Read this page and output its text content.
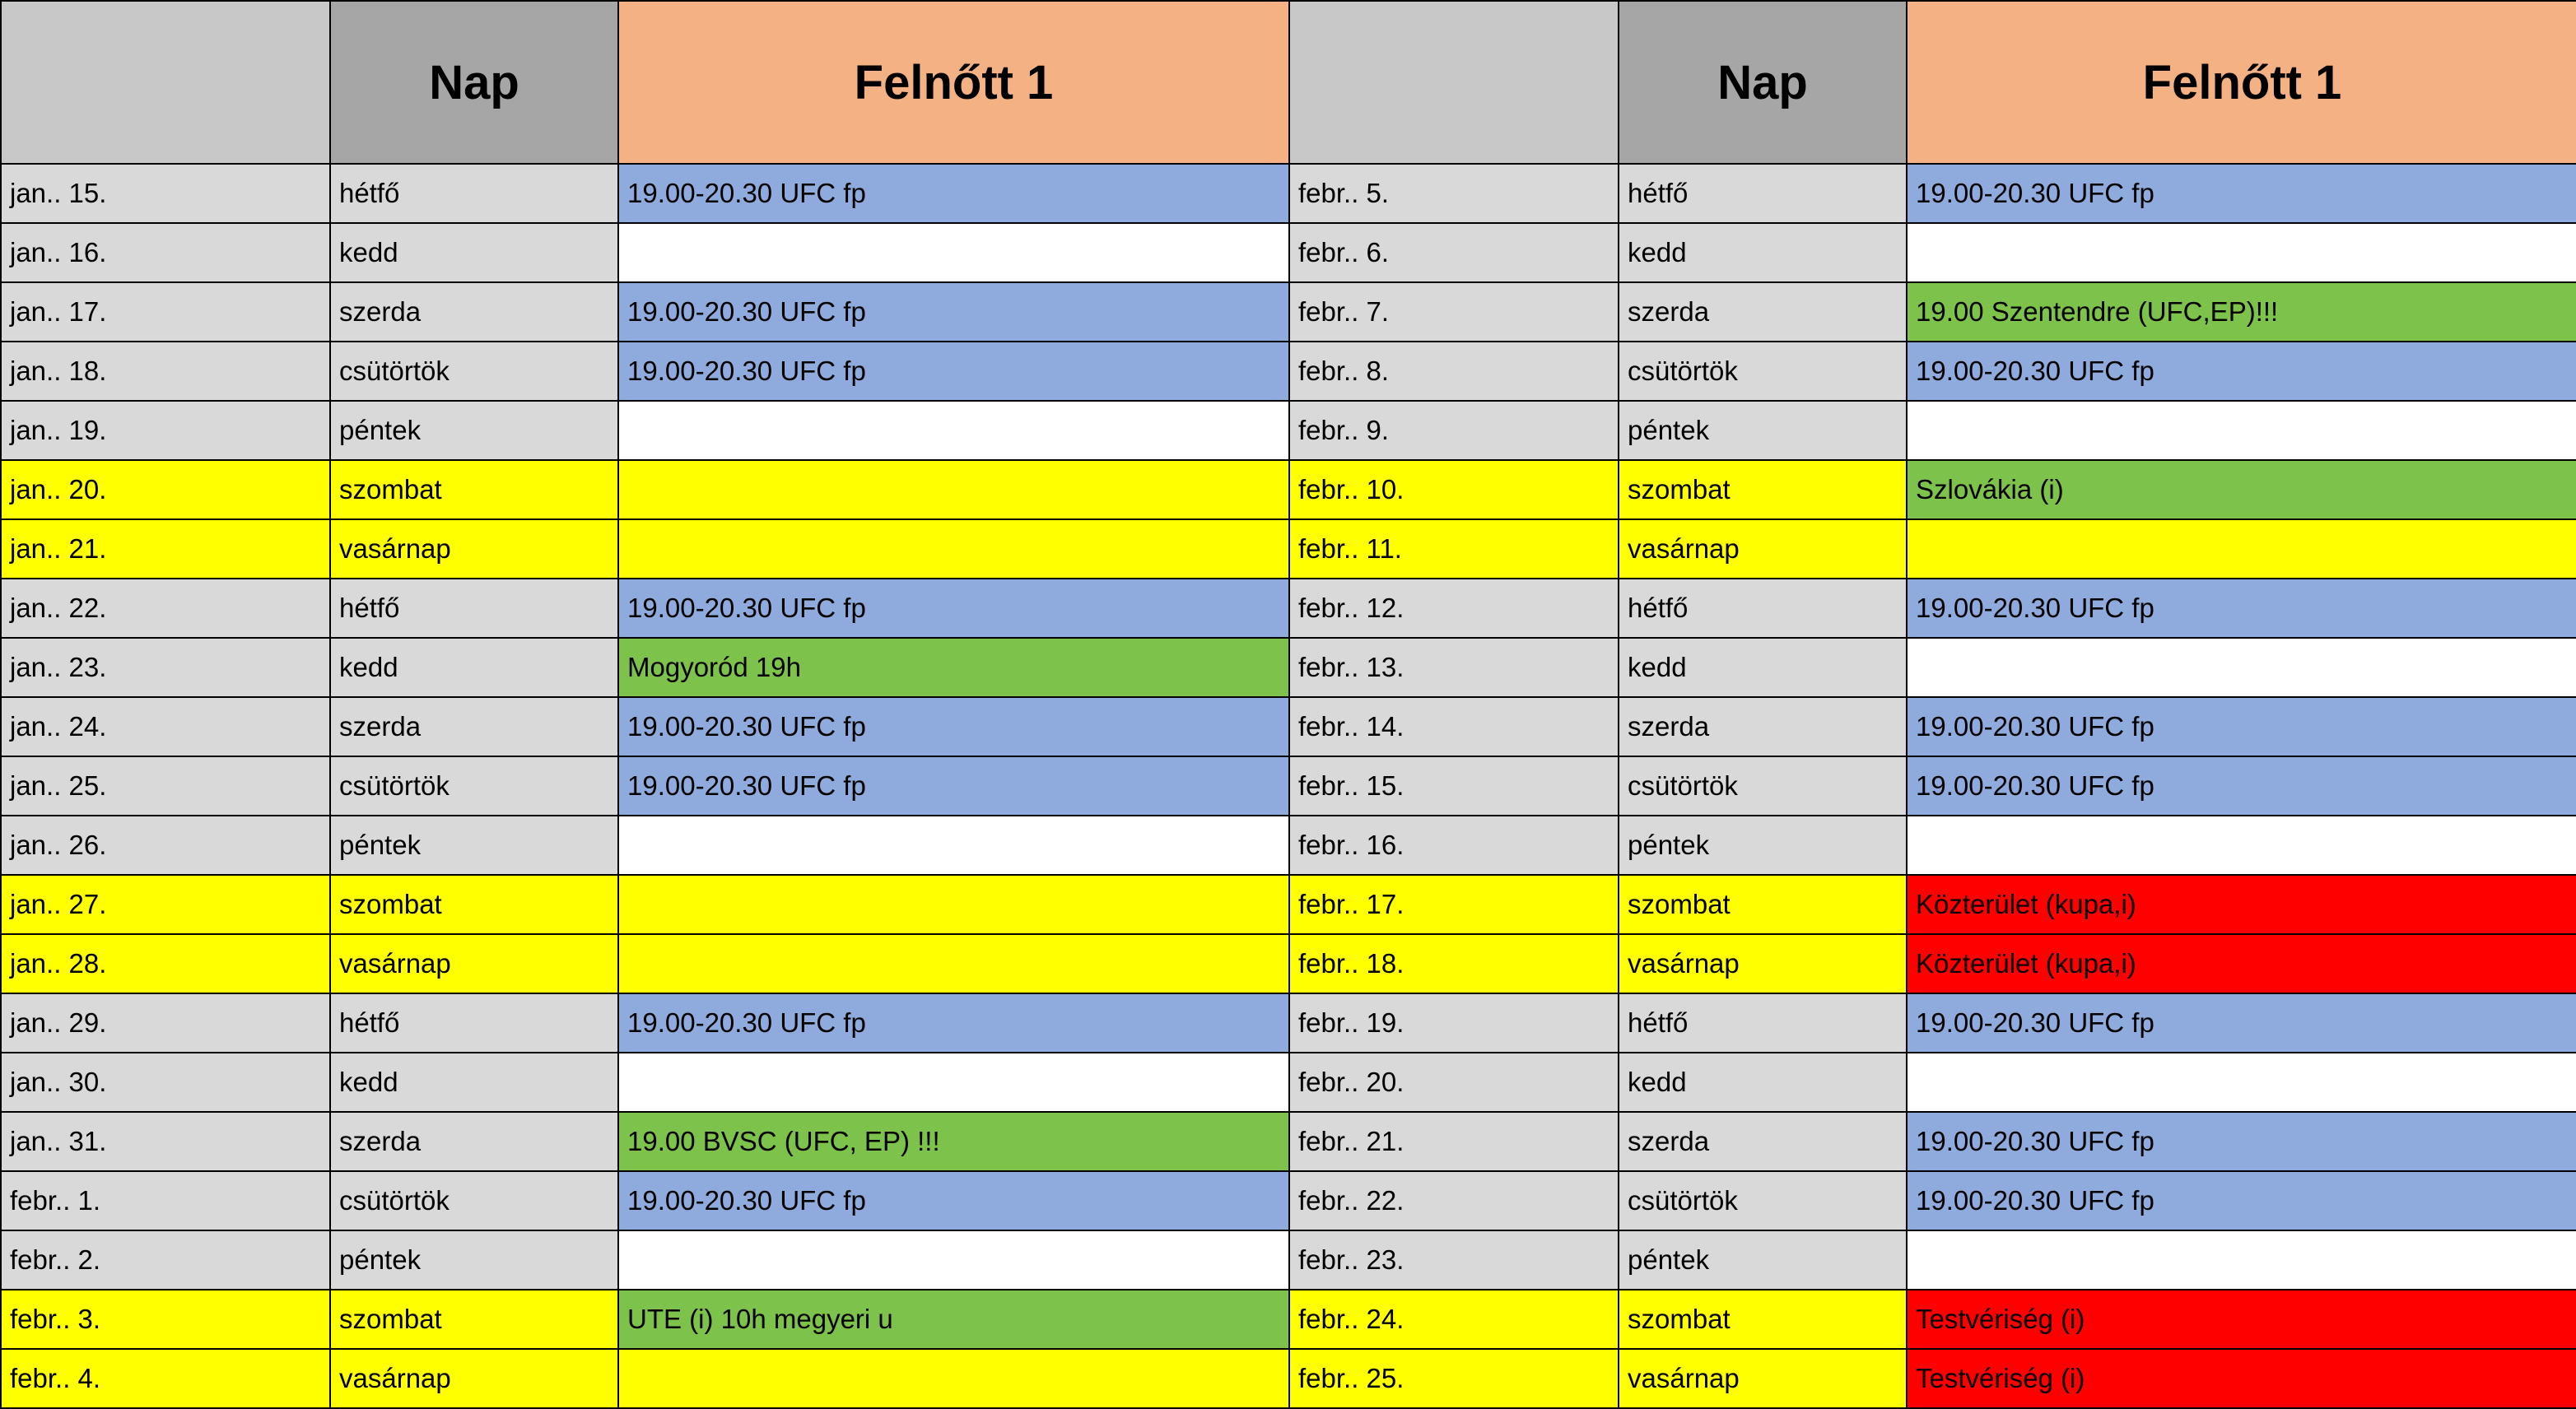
	Nap	Felnőtt 1		Nap	Felnőtt 1
jan.. 15.	hétfő	19.00-20.30 UFC fp	febr.. 5.	hétfő	19.00-20.30 UFC fp
jan.. 16.	kedd		febr.. 6.	kedd	
jan.. 17.	szerda	19.00-20.30 UFC fp	febr.. 7.	szerda	19.00 Szentendre (UFC,EP)!!!
jan.. 18.	csütörtök	19.00-20.30 UFC fp	febr.. 8.	csütörtök	19.00-20.30 UFC fp
jan.. 19.	péntek		febr.. 9.	péntek	
jan.. 20.	szombat		febr.. 10.	szombat	Szlovákia (i)
jan.. 21.	vasárnap		febr.. 11.	vasárnap	
jan.. 22.	hétfő	19.00-20.30 UFC fp	febr.. 12.	hétfő	19.00-20.30 UFC fp
jan.. 23.	kedd	Mogyoród 19h	febr.. 13.	kedd	
jan.. 24.	szerda	19.00-20.30 UFC fp	febr.. 14.	szerda	19.00-20.30 UFC fp
jan.. 25.	csütörtök	19.00-20.30 UFC fp	febr.. 15.	csütörtök	19.00-20.30 UFC fp
jan.. 26.	péntek		febr.. 16.	péntek	
jan.. 27.	szombat		febr.. 17.	szombat	Közterület (kupa,i)
jan.. 28.	vasárnap		febr.. 18.	vasárnap	Közterület (kupa,i)
jan.. 29.	hétfő	19.00-20.30 UFC fp	febr.. 19.	hétfő	19.00-20.30 UFC fp
jan.. 30.	kedd		febr.. 20.	kedd	
jan.. 31.	szerda	19.00 BVSC (UFC, EP) !!!	febr.. 21.	szerda	19.00-20.30 UFC fp
febr.. 1.	csütörtök	19.00-20.30 UFC fp	febr.. 22.	csütörtök	19.00-20.30 UFC fp
febr.. 2.	péntek		febr.. 23.	péntek	
febr.. 3.	szombat	UTE (i) 10h megyeri u	febr.. 24.	szombat	Testvériség (i)
febr.. 4.	vasárnap		febr.. 25.	vasárnap	Testvériség (i)
